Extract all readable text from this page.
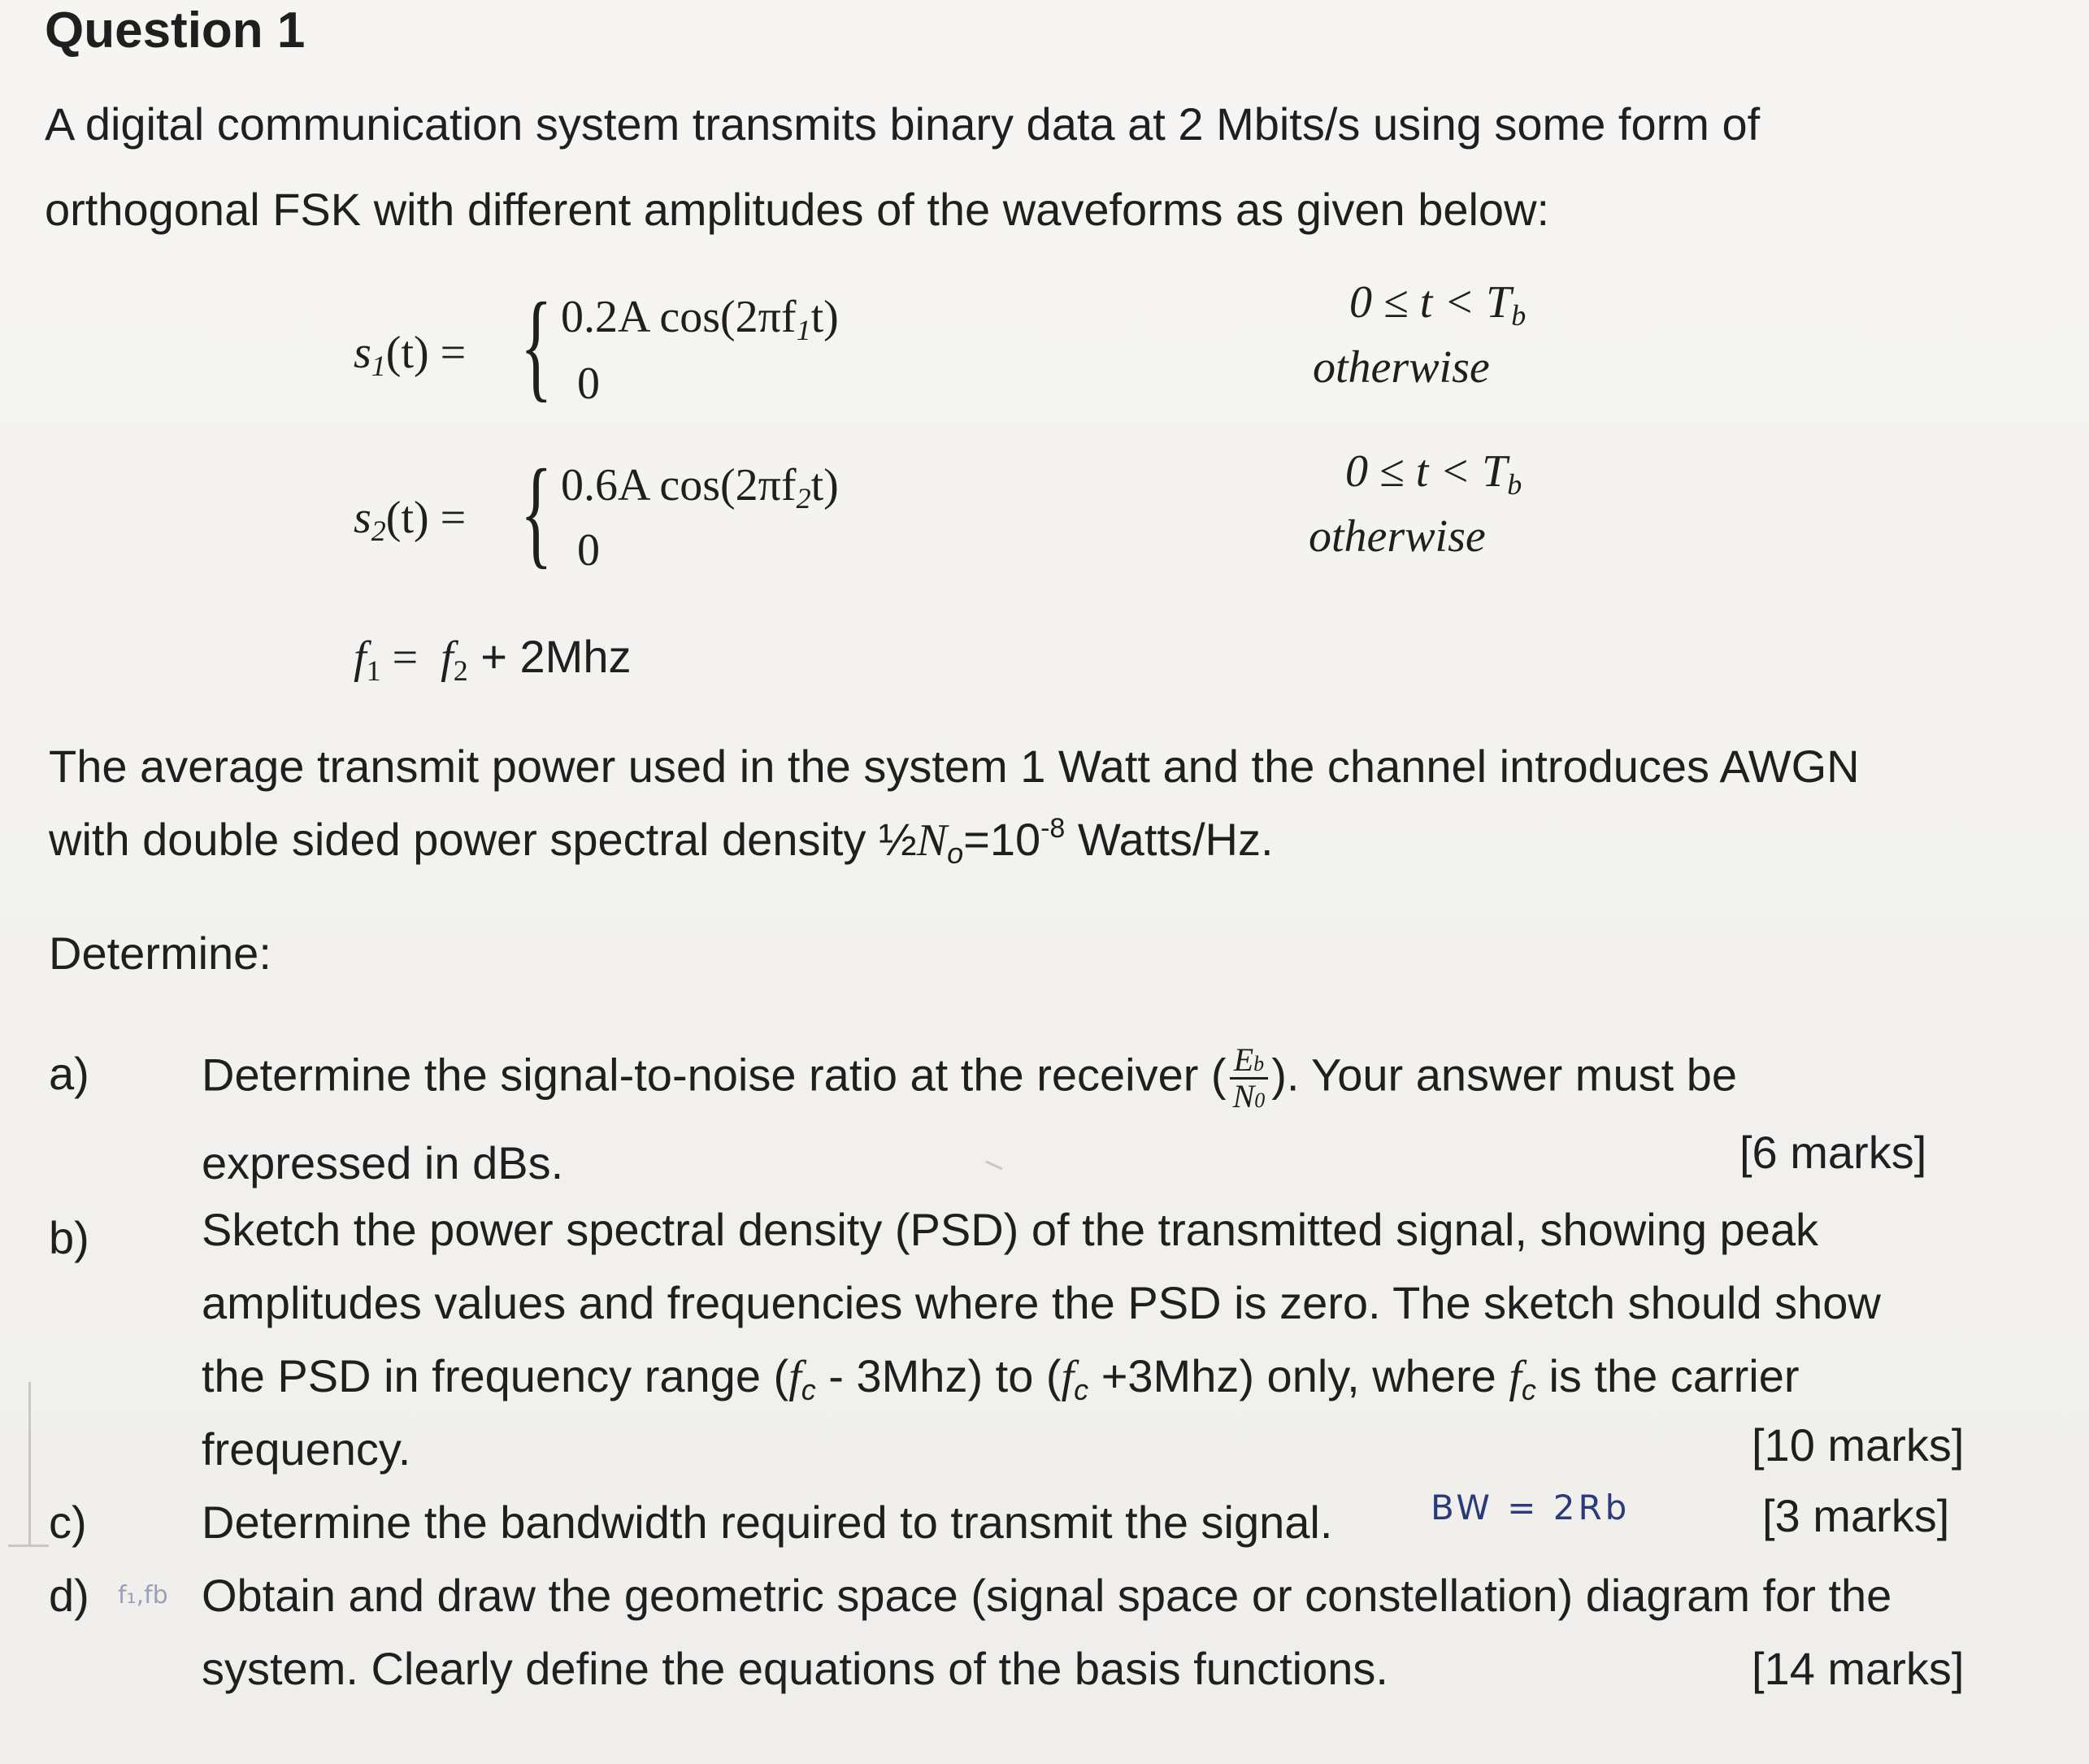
Question 1
A digital communication system transmits binary data at 2 Mbits/s using some form of
orthogonal FSK with different amplitudes of the waveforms as given below:
$s_1(t)$ = { 0.2A $\cos(2\pi f_1t)$
0
$0 \le t < T_b$
otherwise
$s_2(t)$ = { 0.6A $\cos(2\pi f_2t)$
0
$0 \le t < T_b$
otherwise
$f_1 = f_2 + 2Mhz$
The average transmit power used in the system 1 Watt and the channel introduces AWGN
with double sided power spectral density $\frac{1}{2}N_o=10^{-8}$ Watts/Hz.
Determine:
a) Determine the signal-to-noise ratio at the receiver ( $\frac{Eb}{N0}$ ). Your answer must be
expressed in dBs.	[6 marks]
b) Sketch the power spectral density (PSD) of the transmitted signal, showing peak
amplitudes values and frequencies where the PSD is zero. The sketch should show
the PSD in frequency range $(f_c - 3Mhz)$ to $(f_c +3Mhz)$ only, where $f_c$ is the carrier
frequency.	[10 marks]
c)	Determine the bandwidth required to transmit the signal.	BW = 2Rb	[3 marks]
d) f₁,fb Obtain and draw the geometric space (signal space or constellation) diagram for the
system. Clearly define the equations of the basis functions.	[14 marks]
